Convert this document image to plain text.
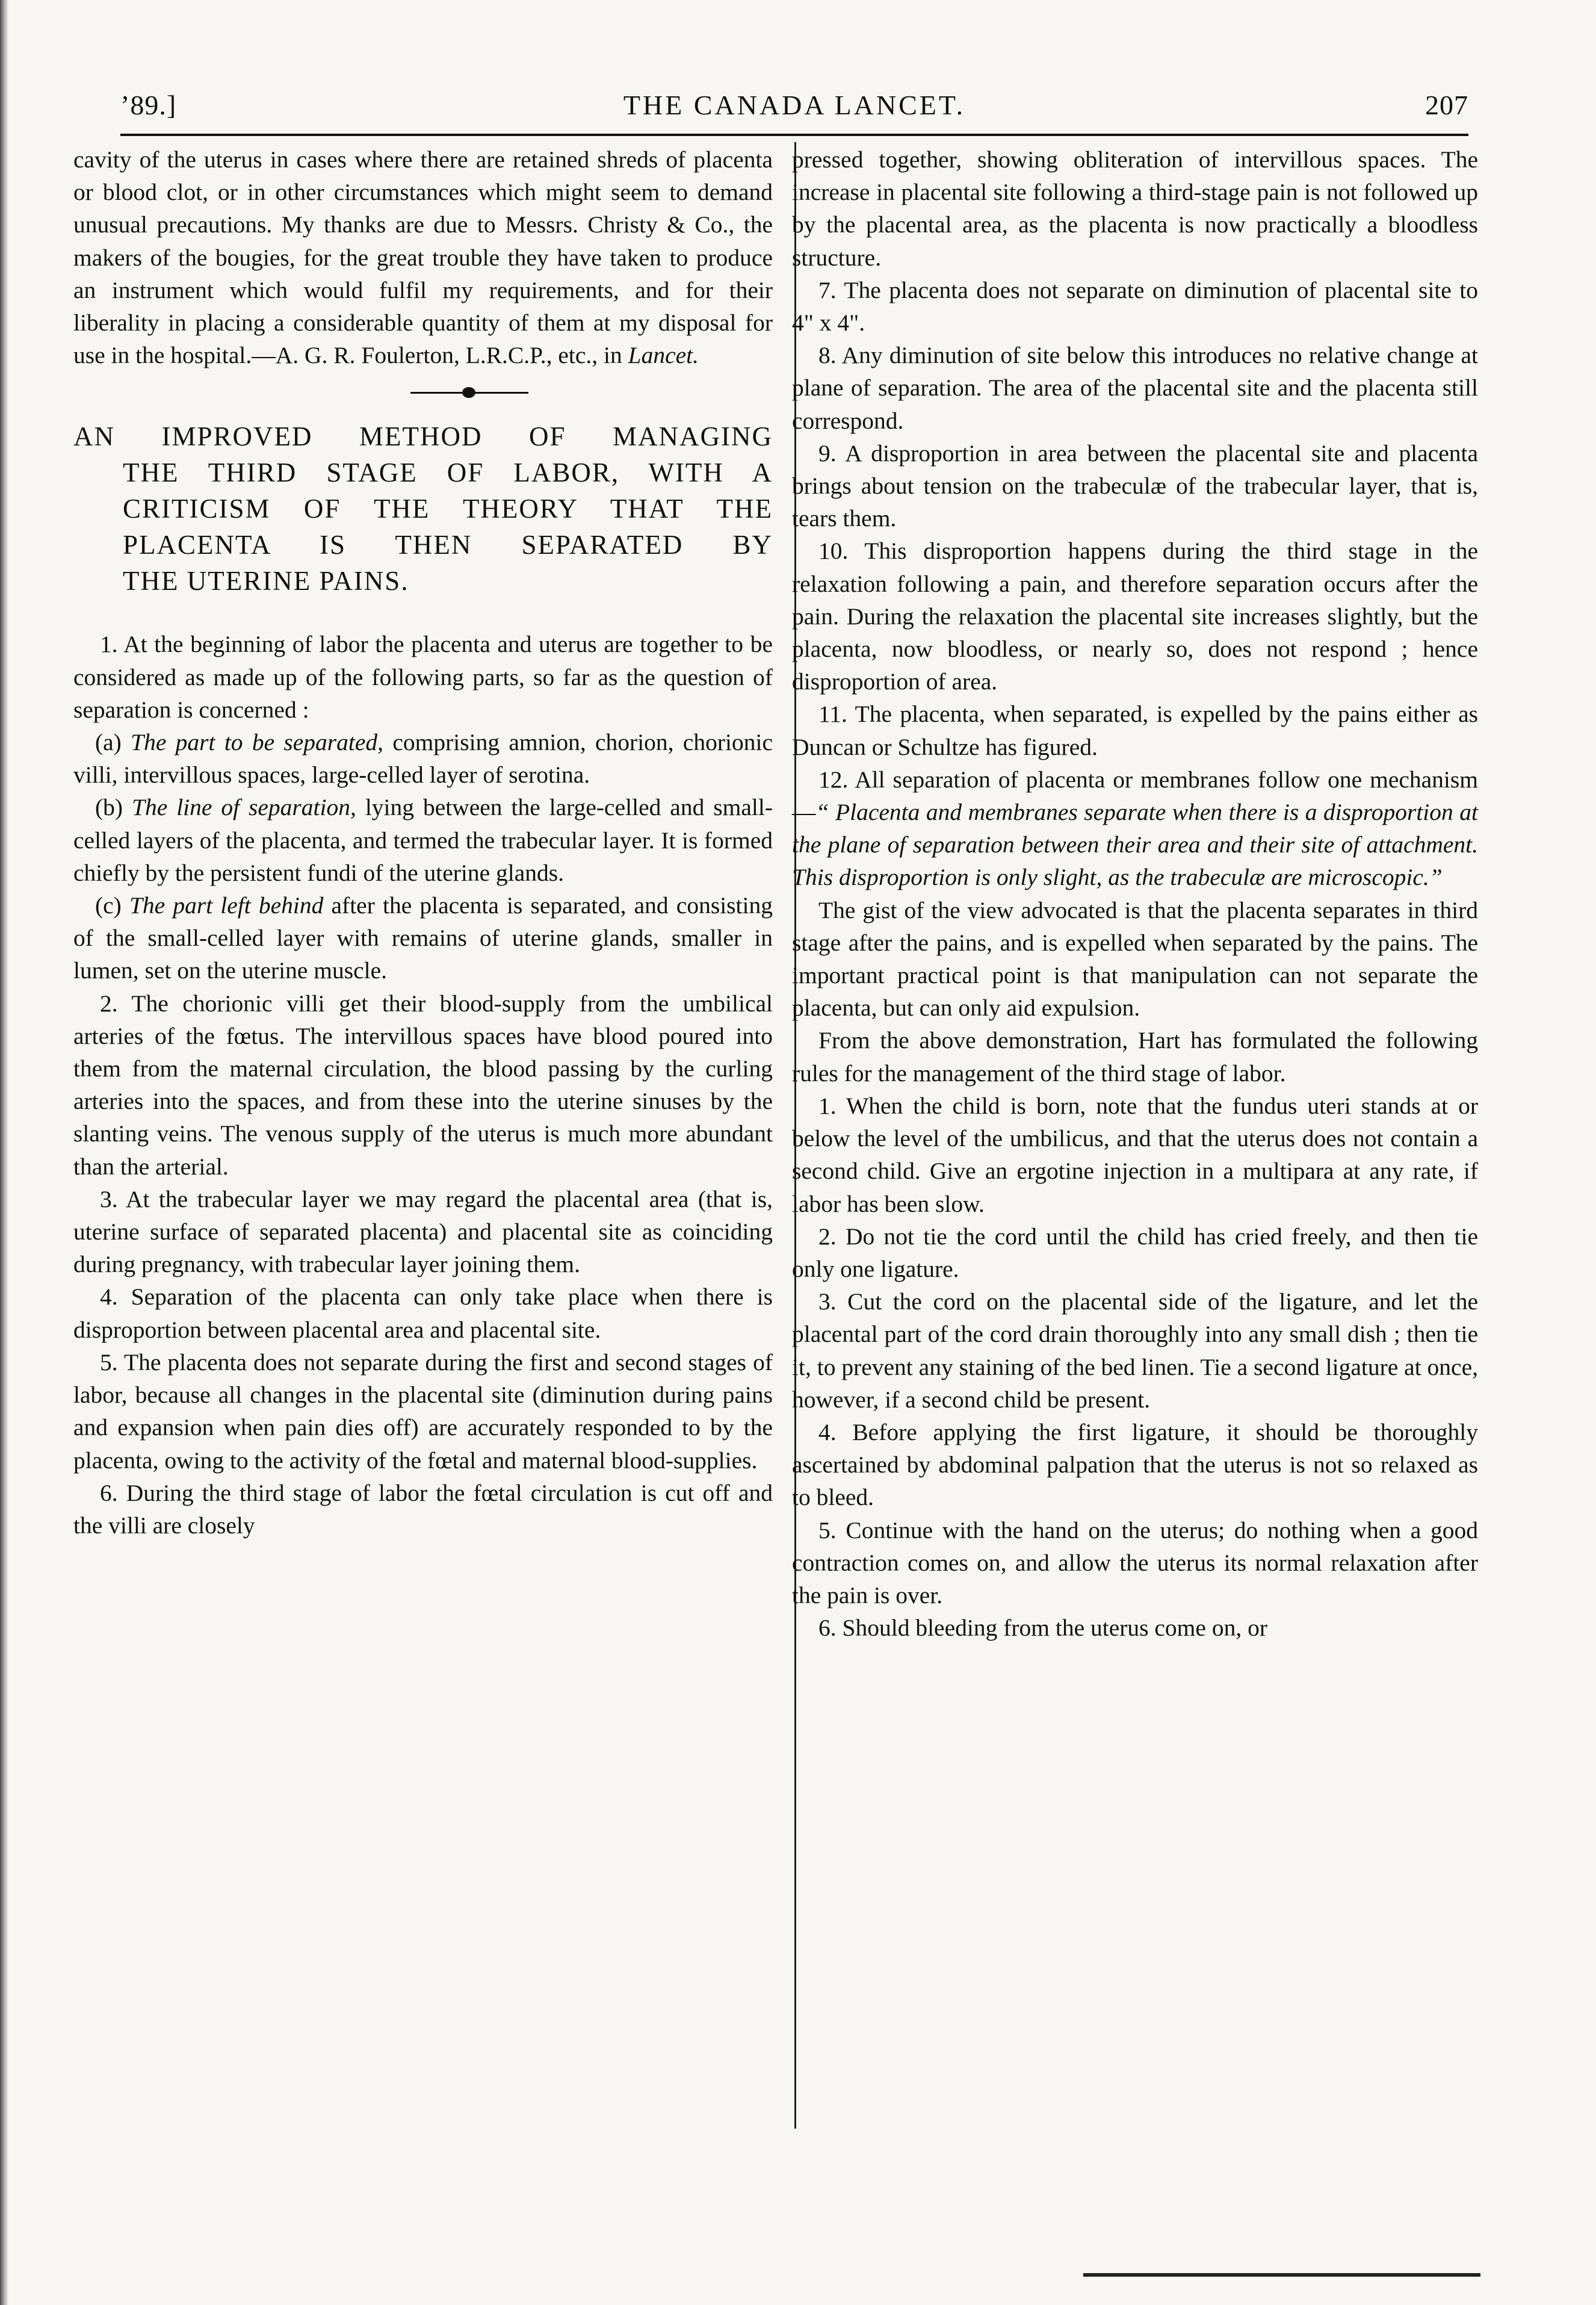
’89.]	THE CANADA LANCET.	207

cavity of the uterus in cases where there are retained shreds of placenta or blood clot, or in other circumstances which might seem to demand unusual precautions. My thanks are due to Messrs. Christy & Co., the makers of the bougies, for the great trouble they have taken to produce an instrument which would fulfil my requirements, and for their liberality in placing a considerable quantity of them at my disposal for use in the hospital.—A. G. R. Foulerton, L.R.C.P., etc., in Lancet.

AN IMPROVED METHOD OF MANAGING
THE THIRD STAGE OF LABOR, WITH A
CRITICISM OF THE THEORY THAT THE
PLACENTA IS THEN SEPARATED BY
THE UTERINE PAINS.

1. At the beginning of labor the placenta and uterus are together to be considered as made up of the following parts, so far as the question of separation is concerned :

(a) The part to be separated, comprising amnion, chorion, chorionic villi, intervillous spaces, large-celled layer of serotina.

(b) The line of separation, lying between the large-celled and small-celled layers of the placenta, and termed the trabecular layer. It is formed chiefly by the persistent fundi of the uterine glands.

(c) The part left behind after the placenta is separated, and consisting of the small-celled layer with remains of uterine glands, smaller in lumen, set on the uterine muscle.

2. The chorionic villi get their blood-supply from the umbilical arteries of the fœtus. The intervillous spaces have blood poured into them from the maternal circulation, the blood passing by the curling arteries into the spaces, and from these into the uterine sinuses by the slanting veins. The venous supply of the uterus is much more abundant than the arterial.

3. At the trabecular layer we may regard the placental area (that is, uterine surface of separated placenta) and placental site as coinciding during pregnancy, with trabecular layer joining them.

4. Separation of the placenta can only take place when there is disproportion between placental area and placental site.

5. The placenta does not separate during the first and second stages of labor, because all changes in the placental site (diminution during pains and expansion when pain dies off) are accurately responded to by the placenta, owing to the activity of the fœtal and maternal blood-supplies.

6. During the third stage of labor the fœtal circulation is cut off and the villi are closely

pressed together, showing obliteration of intervillous spaces. The increase in placental site following a third-stage pain is not followed up by the placental area, as the placenta is now practically a bloodless structure.

7. The placenta does not separate on diminution of placental site to 4" x 4".

8. Any diminution of site below this introduces no relative change at plane of separation. The area of the placental site and the placenta still correspond.

9. A disproportion in area between the placental site and placenta brings about tension on the trabeculæ of the trabecular layer, that is, tears them.

10. This disproportion happens during the third stage in the relaxation following a pain, and therefore separation occurs after the pain. During the relaxation the placental site increases slightly, but the placenta, now bloodless, or nearly so, does not respond ; hence disproportion of area.

11. The placenta, when separated, is expelled by the pains either as Duncan or Schultze has figured.

12. All separation of placenta or membranes follow one mechanism—“ Placenta and membranes separate when there is a disproportion at the plane of separation between their area and their site of attachment. This disproportion is only slight, as the trabeculæ are microscopic.”

The gist of the view advocated is that the placenta separates in third stage after the pains, and is expelled when separated by the pains. The important practical point is that manipulation can not separate the placenta, but can only aid expulsion.

From the above demonstration, Hart has formulated the following rules for the management of the third stage of labor.

1. When the child is born, note that the fundus uteri stands at or below the level of the umbilicus, and that the uterus does not contain a second child. Give an ergotine injection in a multipara at any rate, if labor has been slow.

2. Do not tie the cord until the child has cried freely, and then tie only one ligature.

3. Cut the cord on the placental side of the ligature, and let the placental part of the cord drain thoroughly into any small dish ; then tie it, to prevent any staining of the bed linen. Tie a second ligature at once, however, if a second child be present.

4. Before applying the first ligature, it should be thoroughly ascertained by abdominal palpation that the uterus is not so relaxed as to bleed.

5. Continue with the hand on the uterus; do nothing when a good contraction comes on, and allow the uterus its normal relaxation after the pain is over.

6. Should bleeding from the uterus come on, or
